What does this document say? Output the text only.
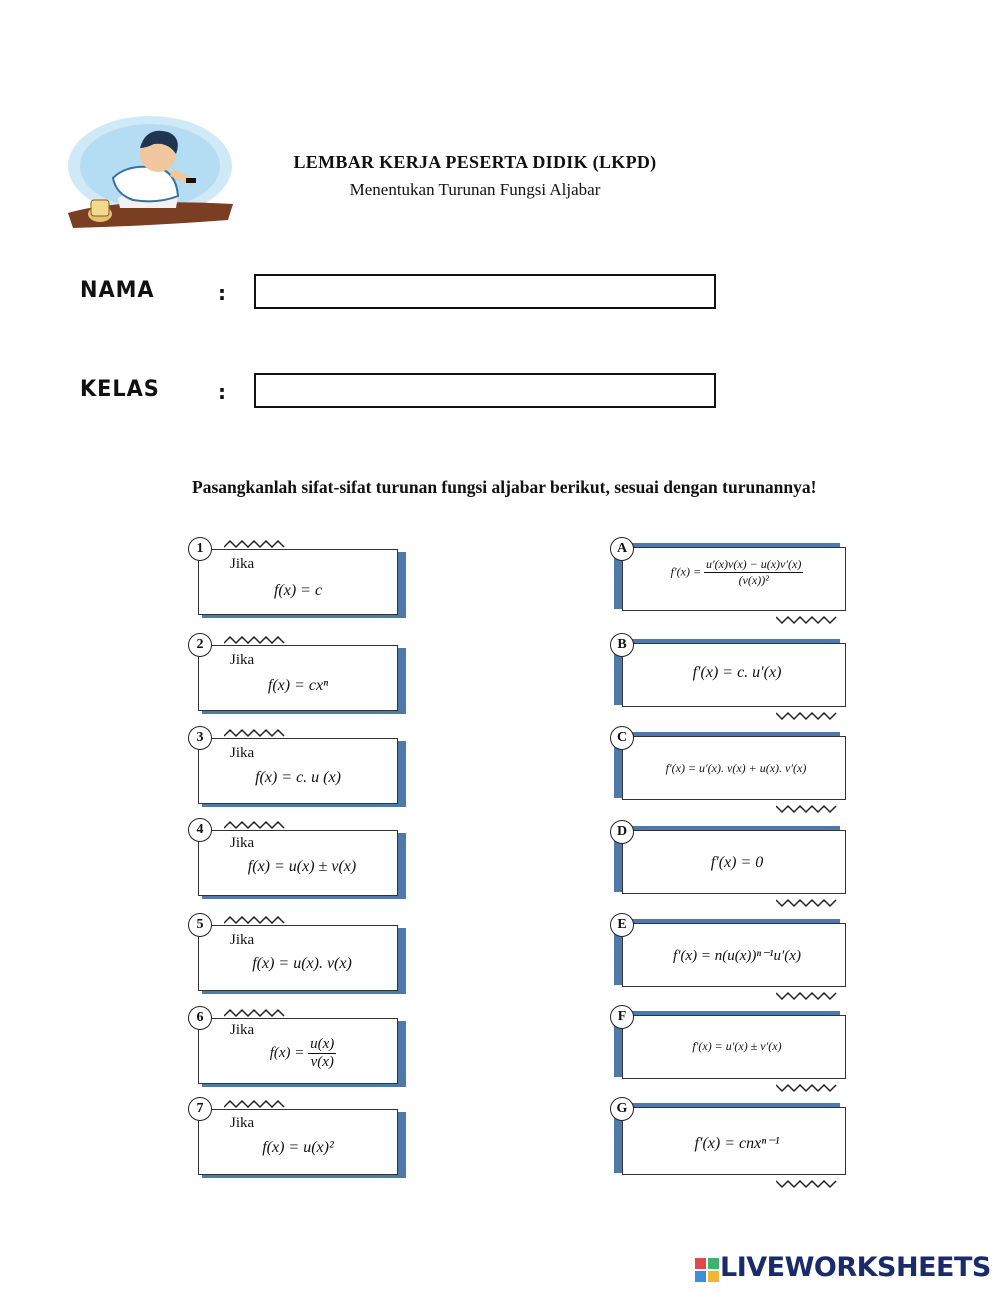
LEMBAR KERJA PESERTA DIDIK (LKPD)
Menentukan Turunan Fungsi Aljabar
NAMA	:
KELAS	:
Pasangkanlah sifat-sifat turunan fungsi aljabar berikut, sesuai dengan turunannya!
1
Jika
f(x) = c
2
Jika
f(x) = cxⁿ
3
Jika
f(x) = c. u (x)
4
Jika
f(x) = u(x) ± v(x)
5
Jika
f(x) = u(x). v(x)
6
Jika
$f(x) = \frac{u(x)}{v(x)}$
7
Jika
f(x) = u(x)²
A
$f'(x) = \frac{u'(x)v(x) - u(x)v'(x)}{\text{(v(x))²}}$
B
f′(x) = c. u′(x)
C
f′(x) = u′(x). v(x) + u(x). v′(x)
D
f′(x) = 0
E
f′(x) = n(u(x))ⁿ⁻¹u′(x)
F
f′(x) = u′(x) ± v′(x)
G
f′(x) = cnxⁿ⁻¹
LIVEWORKSHEETS
